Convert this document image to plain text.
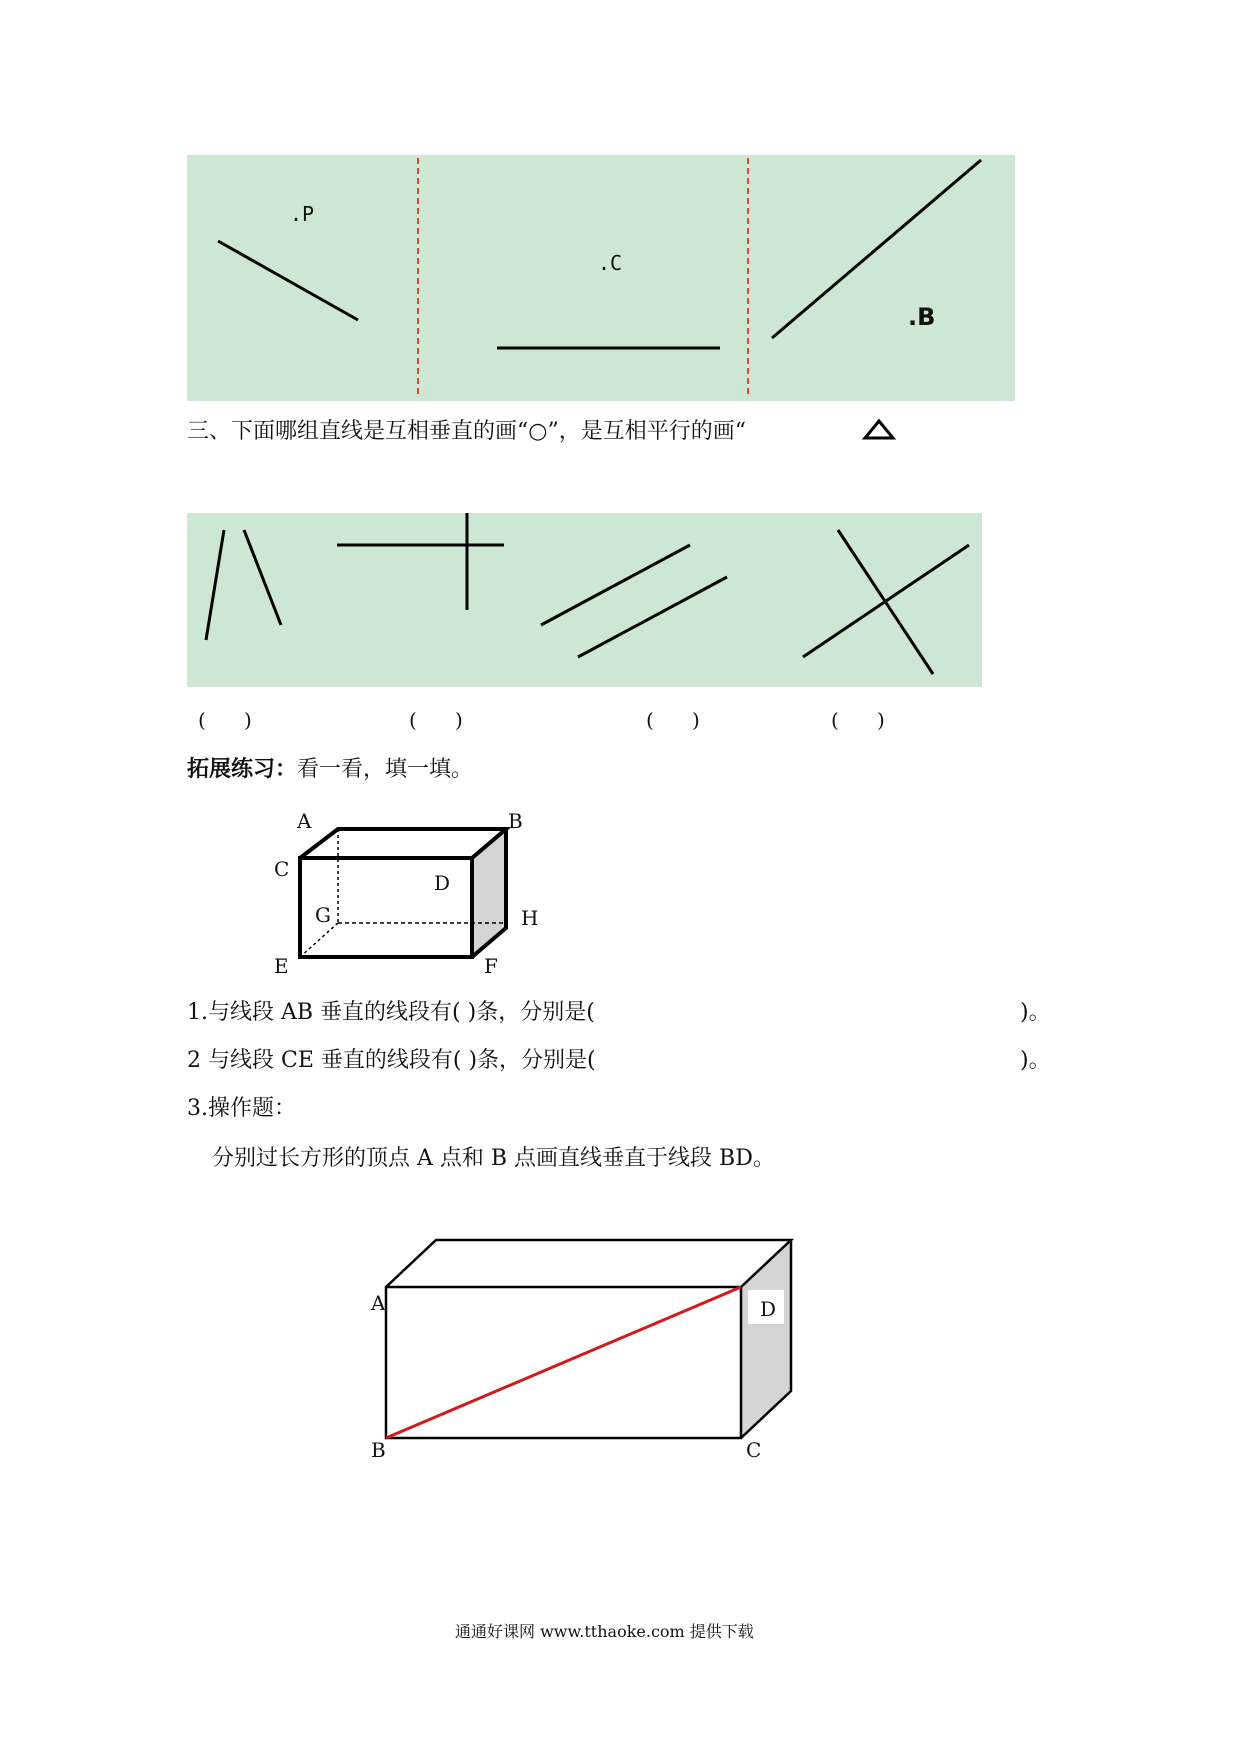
.P
.C
.B
三、下面哪组直线是互相垂直的画“○”，是互相平行的画“
(      )	(      )	(      )	(      )
拓展练习：看一看，填一填。
A	B
C
D
G	H
E	F
1.与线段 AB 垂直的线段有( )条，分别是(	)。
2 与线段 CE 垂直的线段有( )条，分别是(	)。
3.操作题：
分别过长方形的顶点 A 点和 B 点画直线垂直于线段 BD。
A	D
B	C
通通好课网 www.tthaoke.com 提供下载
